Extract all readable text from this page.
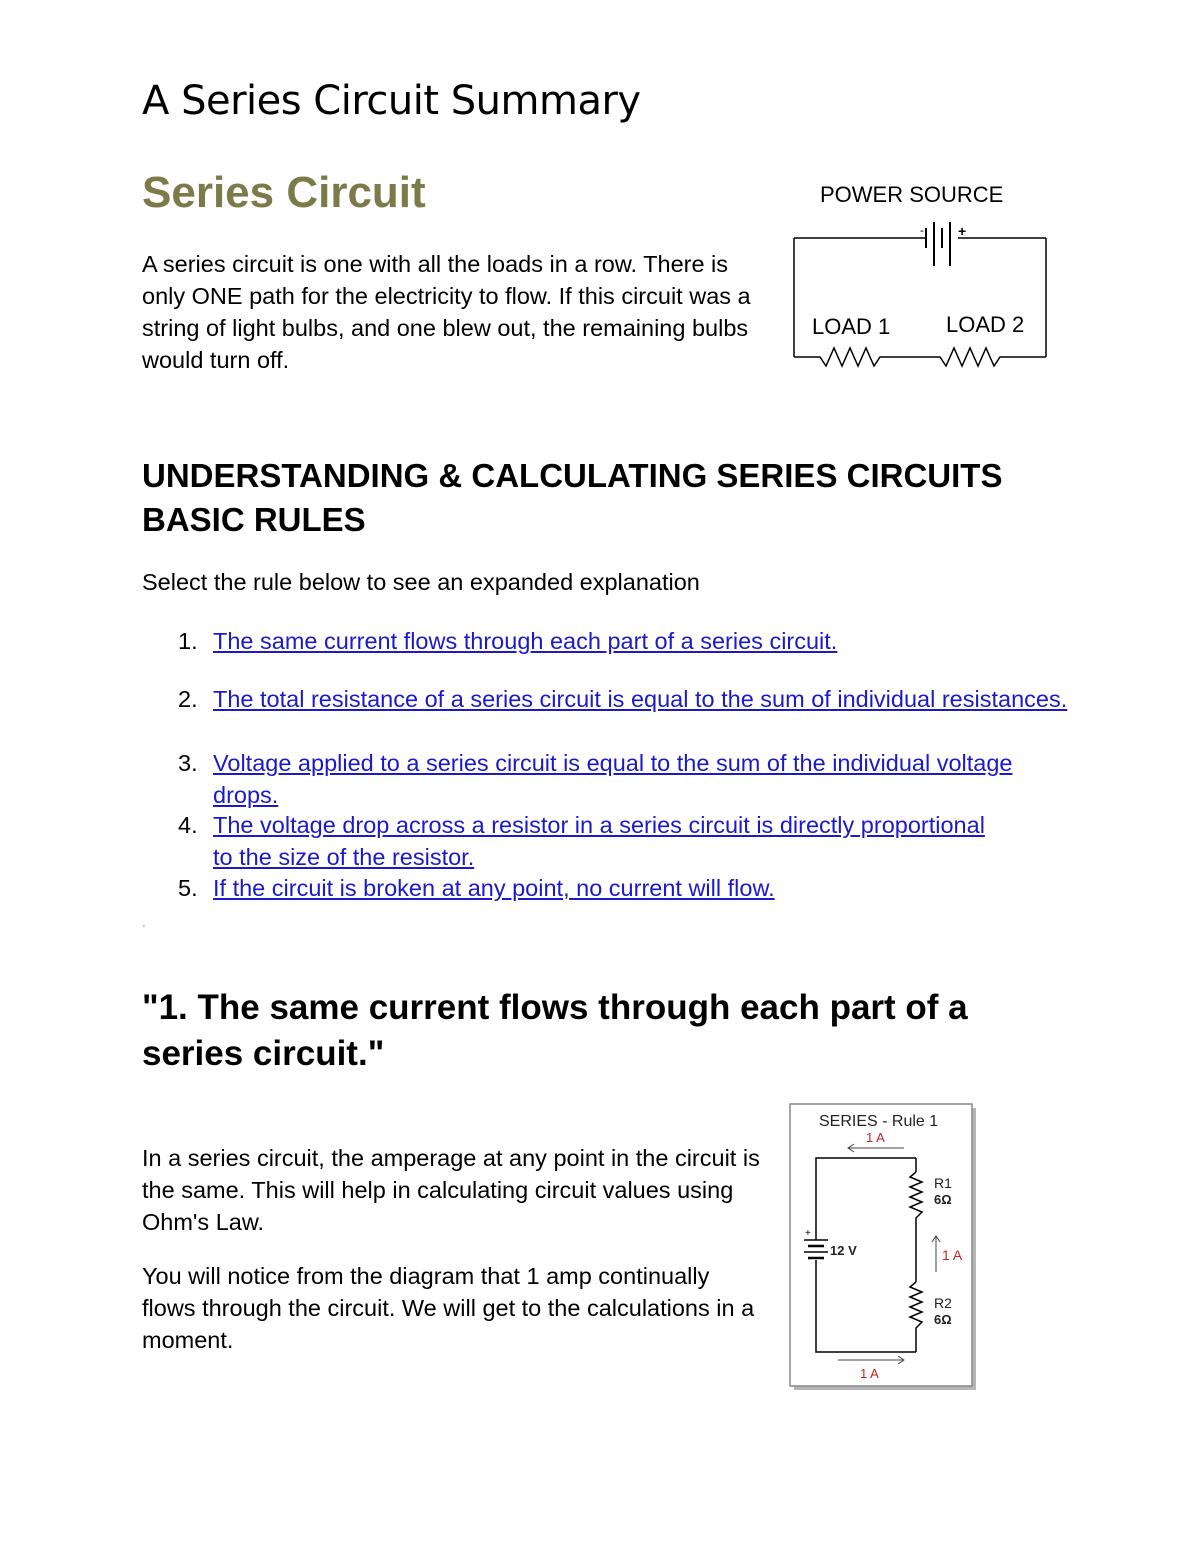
A Series Circuit Summary
Series Circuit
A series circuit is one with all the loads in a row. There is only ONE path for the electricity to flow. If this circuit was a string of light bulbs, and one blew out, the remaining bulbs would turn off.
POWER SOURCE
- +
LOAD 1	LOAD 2
UNDERSTANDING & CALCULATING SERIES CIRCUITS BASIC RULES
Select the rule below to see an expanded explanation
1. The same current flows through each part of a series circuit.
2. The total resistance of a series circuit is equal to the sum of individual resistances.
3. Voltage applied to a series circuit is equal to the sum of the individual voltage drops.
4. The voltage drop across a resistor in a series circuit is directly proportional to the size of the resistor.
5. If the circuit is broken at any point, no current will flow.
'
"1. The same current flows through each part of a series circuit."
In a series circuit, the amperage at any point in the circuit is the same. This will help in calculating circuit values using Ohm's Law.
You will notice from the diagram that 1 amp continually flows through the circuit. We will get to the calculations in a moment.
SERIES - Rule 1
1 A
R1
6Ω
R2
6Ω
1 A
+
12 V
1 A
